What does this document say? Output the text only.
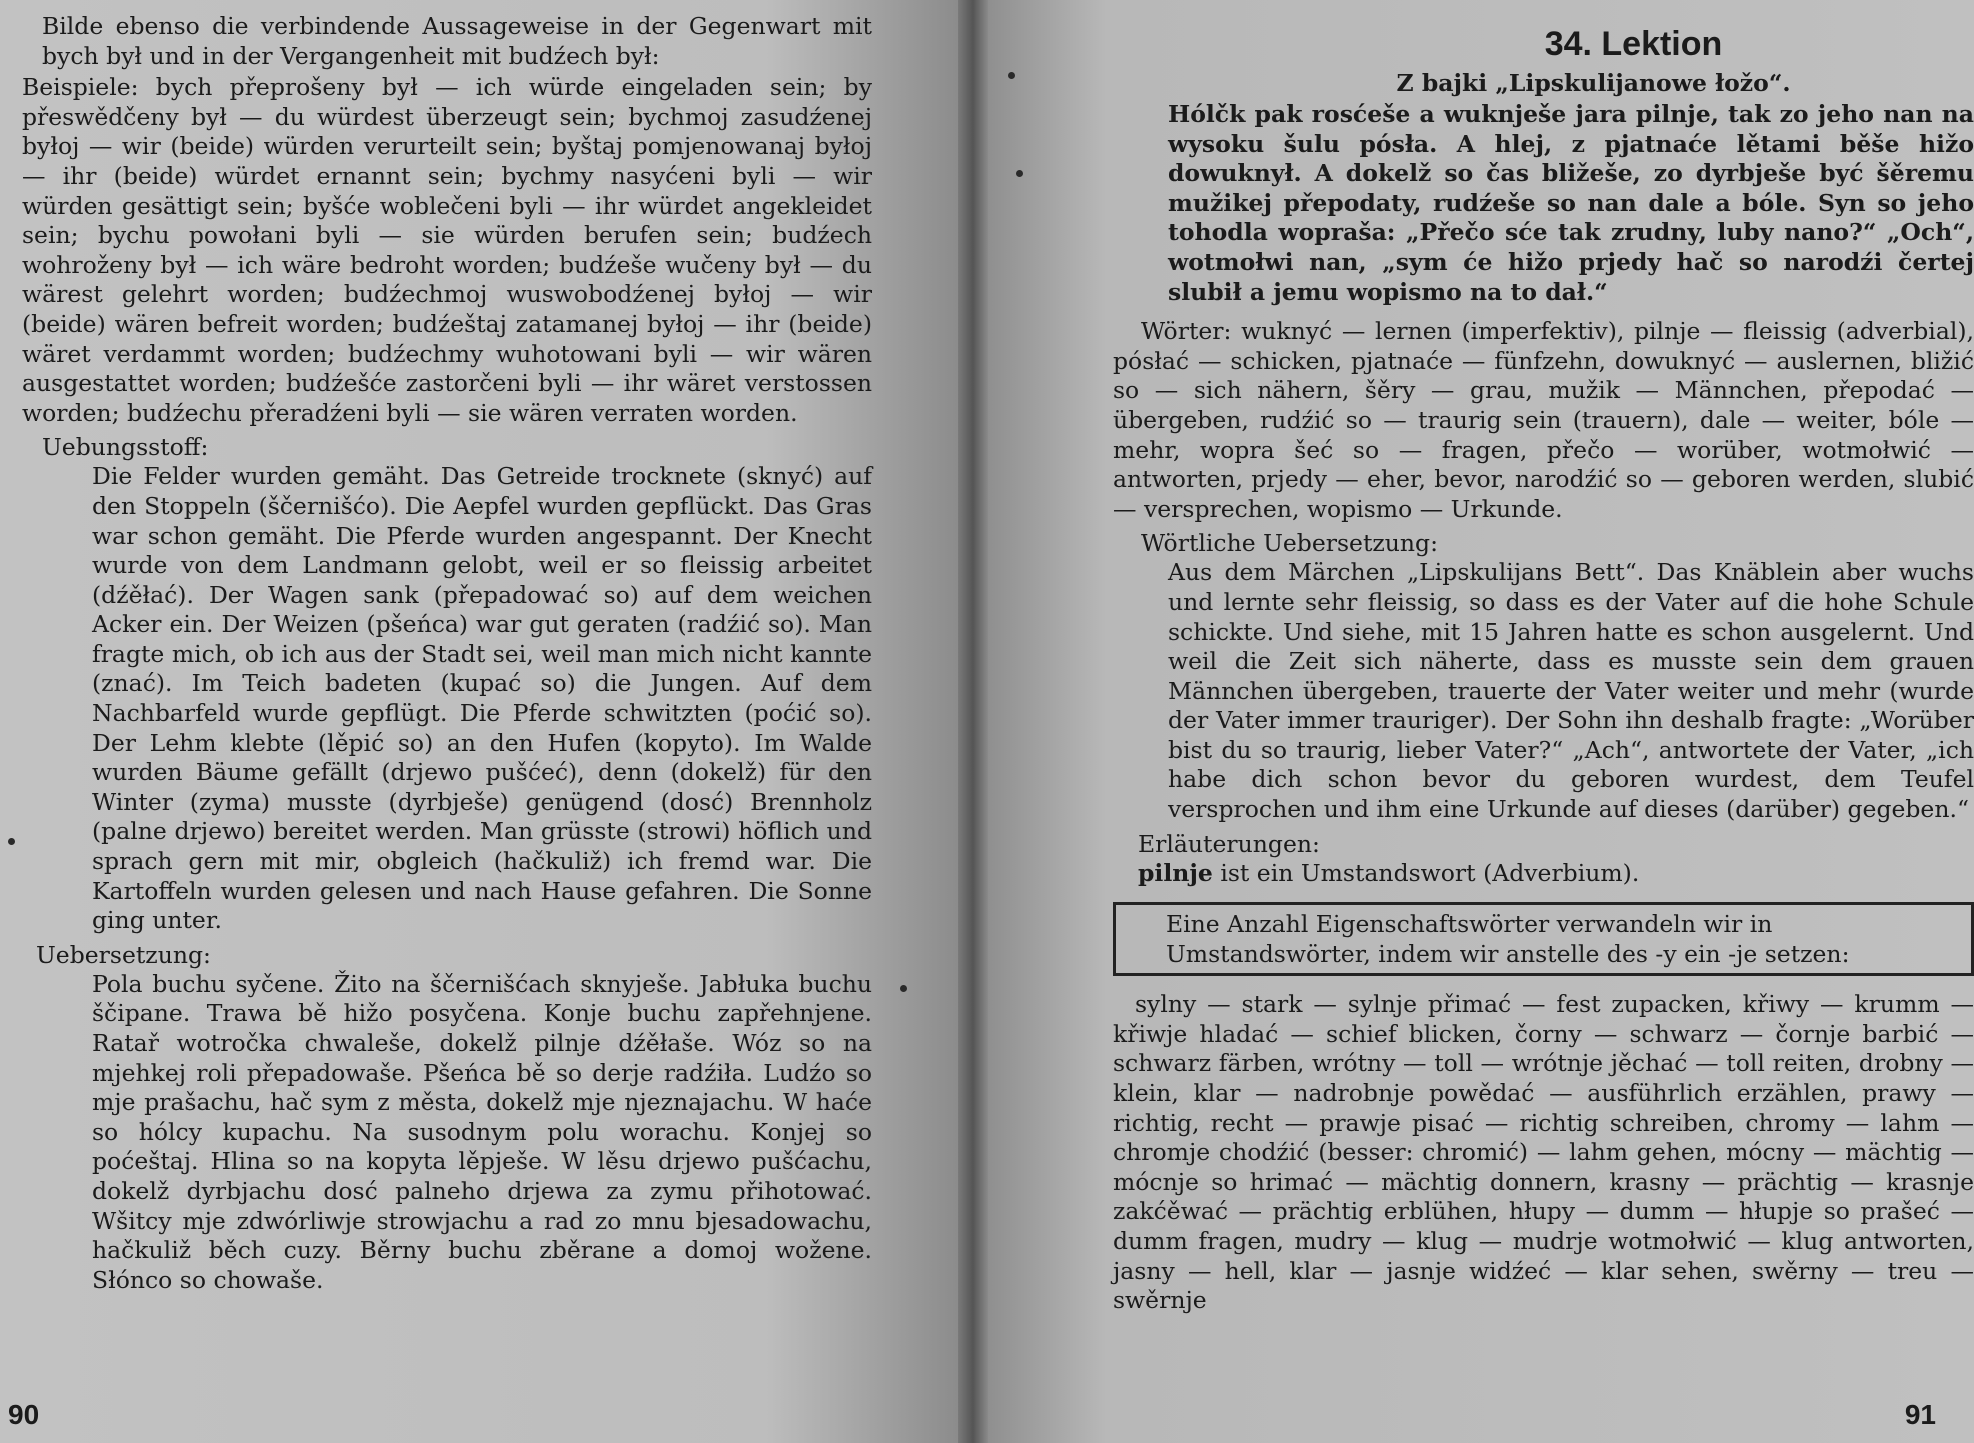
Bilde ebenso die verbindende Aussageweise in der Gegenwart mit bych był und in der Vergangenheit mit budźech był:

Beispiele: bych přeprošeny był — ich würde eingeladen sein; by přeswědčeny był — du würdest überzeugt sein; bychmoj zasudźenej byłoj — wir (beide) würden verurteilt sein; byštaj pomjenowanaj byłoj — ihr (beide) würdet ernannt sein; bychmy nasyćeni byli — wir würden gesättigt sein; byšće woblečeni byli — ihr würdet angekleidet sein; bychu powołani byli — sie würden berufen sein; budźech wohroženy był — ich wäre bedroht worden; budźeše wučeny był — du wärest gelehrt worden; budźechmoj wuswobodźenej byłoj — wir (beide) wären befreit worden; budźeštaj zatamanej byłoj — ihr (beide) wäret verdammt worden; budźechmy wuhotowani byli — wir wären ausgestattet worden; budźešće zastorčeni byli — ihr wäret verstossen worden; budźechu přeradźeni byli — sie wären verraten worden.

Uebungsstoff:

Die Felder wurden gemäht. Das Getreide trocknete (sknyć) auf den Stoppeln (ščernišćo). Die Aepfel wurden gepflückt. Das Gras war schon gemäht. Die Pferde wurden angespannt. Der Knecht wurde von dem Landmann gelobt, weil er so fleissig arbeitet (dźěłać). Der Wagen sank (přepadować so) auf dem weichen Acker ein. Der Weizen (pšeńca) war gut geraten (radźić so). Man fragte mich, ob ich aus der Stadt sei, weil man mich nicht kannte (znać). Im Teich badeten (kupać so) die Jungen. Auf dem Nachbarfeld wurde gepflügt. Die Pferde schwitzten (poćić so). Der Lehm klebte (lěpić so) an den Hufen (kopyto). Im Walde wurden Bäume gefällt (drjewo pušćeć), denn (dokelž) für den Winter (zyma) musste (dyrbješe) genügend (dosć) Brennholz (palne drjewo) bereitet werden. Man grüsste (strowi) höflich und sprach gern mit mir, obgleich (hačkuliž) ich fremd war. Die Kartoffeln wurden gelesen und nach Hause gefahren. Die Sonne ging unter.

Uebersetzung:

Pola buchu syčene. Žito na ščernišćach sknyješe. Jabłuka buchu ščipane. Trawa bě hižo posyčena. Konje buchu zapřehnjene. Ratař wotročka chwaleše, dokelž pilnje dźěłaše. Wóz so na mjehkej roli přepadowaše. Pšeńca bě so derje radźiła. Ludźo so mje prašachu, hač sym z města, dokelž mje njeznajachu. W haće so hólcy kupachu. Na susodnym polu worachu. Konjej so poćeštaj. Hlina so na kopyta lěpješe. W lěsu drjewo pušćachu, dokelž dyrbjachu dosć palneho drjewa za zymu přihotować. Wšitcy mje zdwórliwje strowjachu a rad zo mnu bjesadowachu, hačkuliž běch cuzy. Běrny buchu zběrane a domoj wožene. Słónco so chowaše.

90
34. Lektion
Z bajki „Lipskulijanowe łožo“.

Hólčk pak rosćeše a wuknješe jara pilnje, tak zo jeho nan na wysoku šulu pósła. A hlej, z pjatnaće lětami běše hižo dowuknył. A dokelž so čas bližeše, zo dyrbješe być šěremu mužikej přepodaty, rudźeše so nan dale a bóle. Syn so jeho tohodla wopraša: „Přečo sće tak zrudny, luby nano?“ „Och“, wotmołwi nan, „sym će hižo prjedy hač so narodźi čertej slubił a jemu wopismo na to dał.“

Wörter: wuknyć — lernen (imperfektiv), pilnje — fleissig (adverbial), pósłać — schicken, pjatnaće — fünfzehn, dowuknyć — auslernen, bližić so — sich nähern, šěry — grau, mužik — Männchen, přepodać — übergeben, rudźić so — traurig sein (trauern), dale — weiter, bóle — mehr, wopra šeć so — fragen, přečo — worüber, wotmołwić — antworten, prjedy — eher, bevor, narodźić so — geboren werden, slubić — versprechen, wopismo — Urkunde.

Wörtliche Uebersetzung:

Aus dem Märchen „Lipskulijans Bett“. Das Knäblein aber wuchs und lernte sehr fleissig, so dass es der Vater auf die hohe Schule schickte. Und siehe, mit 15 Jahren hatte es schon ausgelernt. Und weil die Zeit sich näherte, dass es musste sein dem grauen Männchen übergeben, trauerte der Vater weiter und mehr (wurde der Vater immer trauriger). Der Sohn ihn deshalb fragte: „Worüber bist du so traurig, lieber Vater?“ „Ach“, antwortete der Vater, „ich habe dich schon bevor du geboren wurdest, dem Teufel versprochen und ihm eine Urkunde auf dieses (darüber) gegeben.“

Erläuterungen:

pilnje ist ein Umstandswort (Adverbium).

Eine Anzahl Eigenschaftswörter verwandeln wir in Umstandswörter, indem wir anstelle des -y ein -je setzen:

sylny — stark — sylnje přimać — fest zupacken, křiwy — krumm — křiwje hladać — schief blicken, čorny — schwarz — čornje barbić — schwarz färben, wrótny — toll — wrótnje jěchać — toll reiten, drobny — klein, klar — nadrobnje powědać — ausführlich erzählen, prawy — richtig, recht — prawje pisać — richtig schreiben, chromy — lahm — chromje chodźić (besser: chromić) — lahm gehen, mócny — mächtig — mócnje so hrimać — mächtig donnern, krasny — prächtig — krasnje zakćěwać — prächtig erblühen, hłupy — dumm — hłupje so prašeć — dumm fragen, mudry — klug — mudrje wotmołwić — klug antworten, jasny — hell, klar — jasnje widźeć — klar sehen, swěrny — treu — swěrnje

91
